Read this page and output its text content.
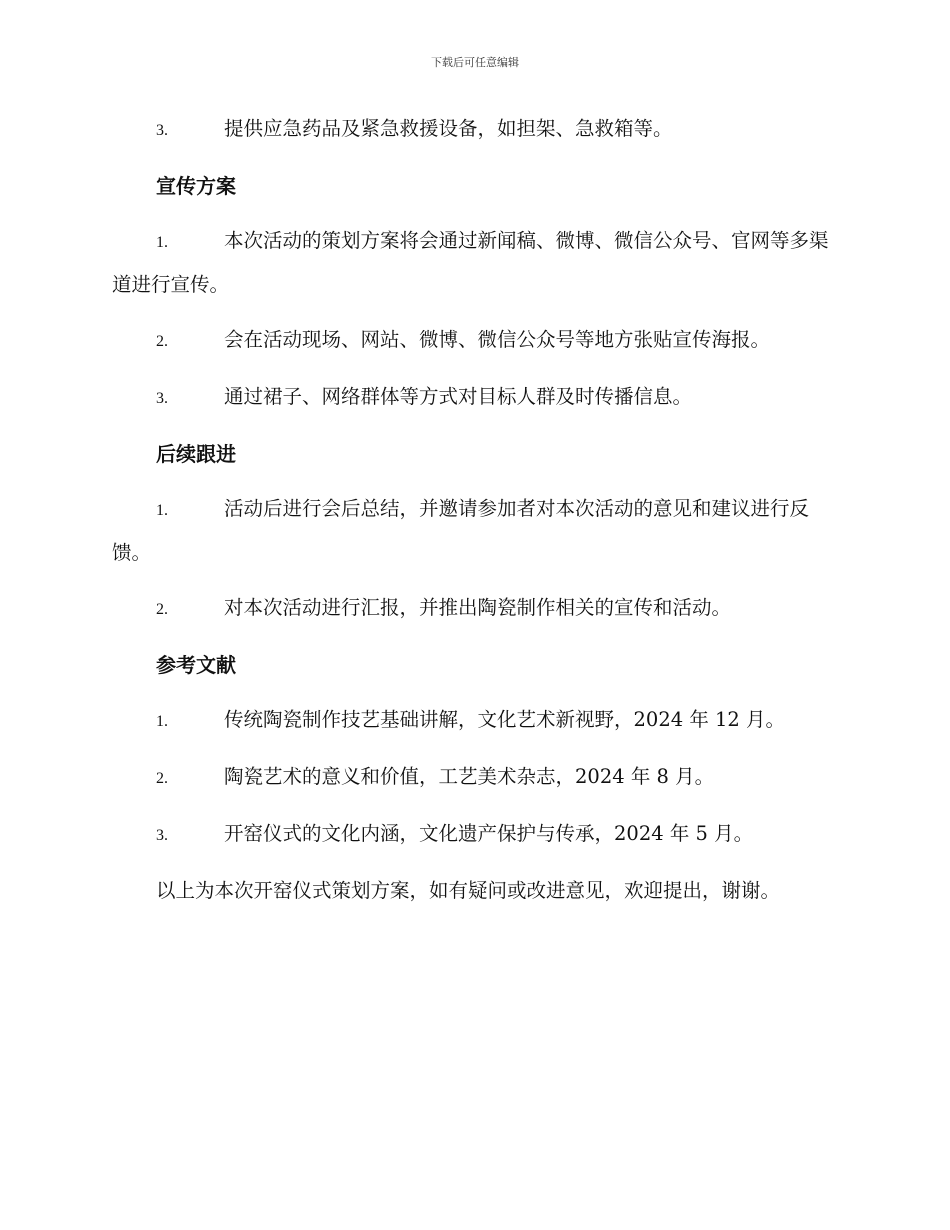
下载后可任意编辑
3.	提供应急药品及紧急救援设备，如担架、急救箱等。
宣传方案
1.	本次活动的策划方案将会通过新闻稿、微博、微信公众号、官网等多渠道进行宣传。
2.	会在活动现场、网站、微博、微信公众号等地方张贴宣传海报。
3.	通过裙子、网络群体等方式对目标人群及时传播信息。
后续跟进
1.	活动后进行会后总结，并邀请参加者对本次活动的意见和建议进行反馈。
2.	对本次活动进行汇报，并推出陶瓷制作相关的宣传和活动。
参考文献
1.	传统陶瓷制作技艺基础讲解，文化艺术新视野，2024 年 12 月。
2.	陶瓷艺术的意义和价值，工艺美术杂志，2024 年 8 月。
3.	开窑仪式的文化内涵，文化遗产保护与传承，2024 年 5 月。
以上为本次开窑仪式策划方案，如有疑问或改进意见，欢迎提出，谢谢。
